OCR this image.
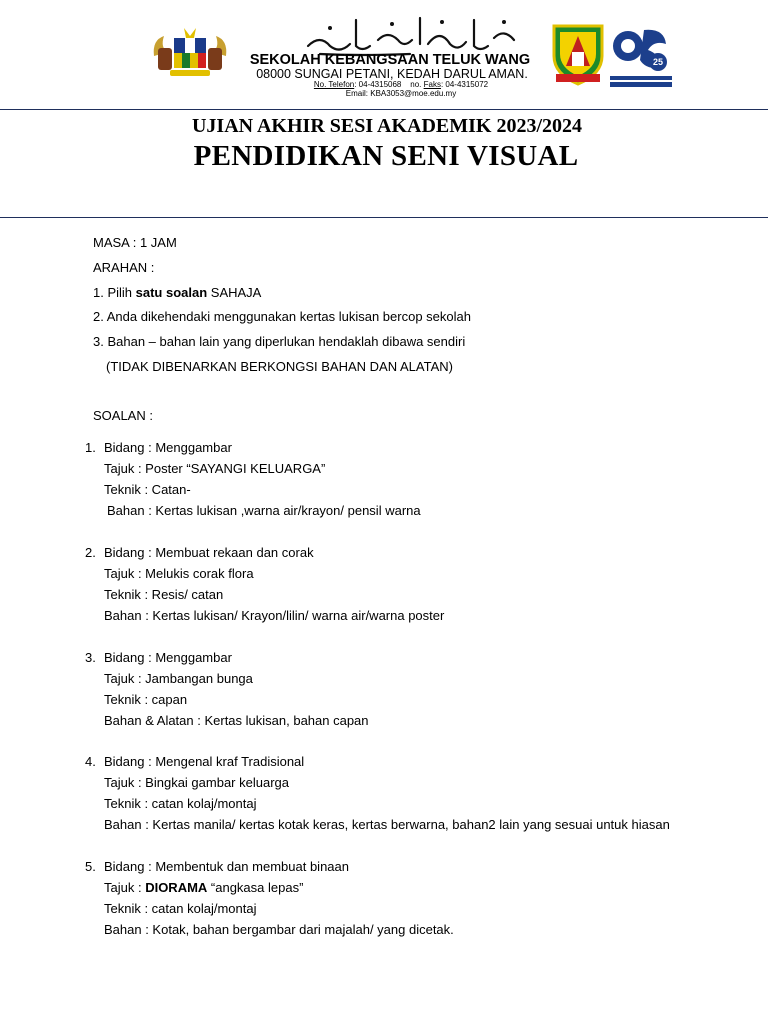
SEKOLAH KEBANGSAAN TELUK WANG
08000 SUNGAI PETANI, KEDAH DARUL AMAN.
No. Telefon: 04-4315068 no. Faks: 04-4315072
Email: KBA3053@moe.edu.my
25
UJIAN AKHIR SESI AKADEMIK 2023/2024
PENDIDIKAN SENI VISUAL
MASA : 1 JAM
ARAHAN :
1. Pilih satu soalan SAHAJA
2. Anda dikehendaki menggunakan kertas lukisan bercop sekolah
3. Bahan – bahan lain yang diperlukan hendaklah dibawa sendiri
(TIDAK DIBENARKAN BERKONGSI BAHAN DAN ALATAN)
SOALAN :
1. Bidang : Menggambar
Tajuk : Poster “SAYANGI KELUARGA”
Teknik : Catan-
Bahan : Kertas lukisan ,warna air/krayon/ pensil warna
2. Bidang : Membuat rekaan dan corak
Tajuk : Melukis corak flora
Teknik : Resis/ catan
Bahan : Kertas lukisan/ Krayon/lilin/ warna air/warna poster
3. Bidang : Menggambar
Tajuk : Jambangan bunga
Teknik : capan
Bahan & Alatan : Kertas lukisan, bahan capan
4. Bidang : Mengenal kraf Tradisional
Tajuk : Bingkai gambar keluarga
Teknik : catan kolaj/montaj
Bahan : Kertas manila/ kertas kotak keras, kertas berwarna, bahan2 lain yang sesuai untuk hiasan
5. Bidang : Membentuk dan membuat binaan
Tajuk : DIORAMA “angkasa lepas”
Teknik : catan kolaj/montaj
Bahan : Kotak, bahan bergambar dari majalah/ yang dicetak.
